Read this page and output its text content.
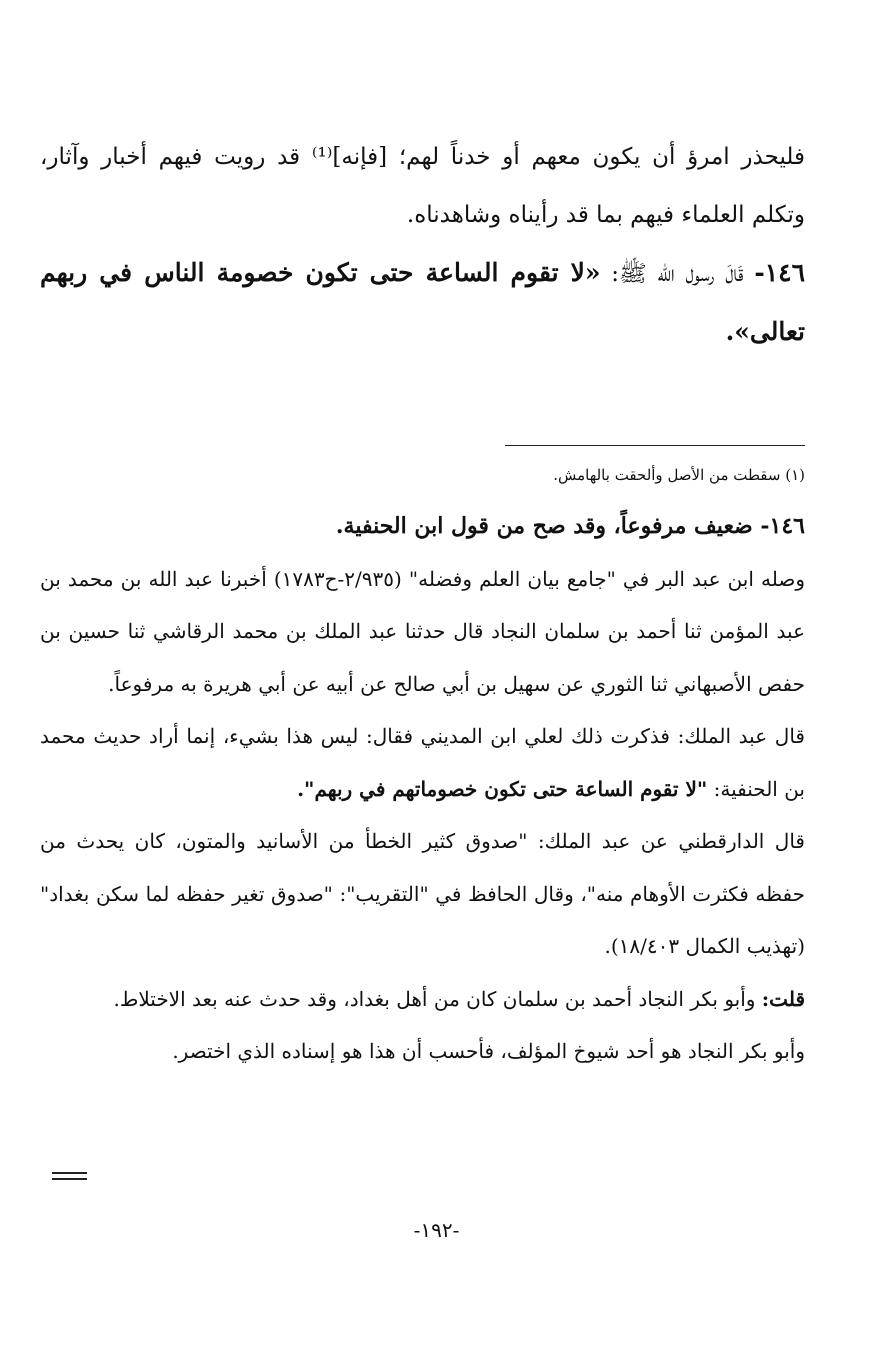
فليحذر امرؤ أن يكون معهم أو خدناً لهم؛ [فإنه]⁽¹⁾ قد رويت فيهم أخبار وآثار، وتكلم العلماء فيهم بما قد رأيناه وشاهدناه.

١٤٦- قَالَ رسول الله ﷺ: «لا تقوم الساعة حتى تكون خصومة الناس في ربهم تعالى».

(١) سقطت من الأصل وألحقت بالهامش.

١٤٦- ضعيف مرفوعاً، وقد صح من قول ابن الحنفية.

وصله ابن عبد البر في "جامع بيان العلم وفضله" (٢/٩٣٥-ح١٧٨٣) أخبرنا عبد الله بن محمد بن عبد المؤمن ثنا أحمد بن سلمان النجاد قال حدثنا عبد الملك بن محمد الرقاشي ثنا حسين بن حفص الأصبهاني ثنا الثوري عن سهيل بن أبي صالح عن أبيه عن أبي هريرة به مرفوعاً.

قال عبد الملك: فذكرت ذلك لعلي ابن المديني فقال: ليس هذا بشيء، إنما أراد حديث محمد بن الحنفية: "لا تقوم الساعة حتى تكون خصوماتهم في ربهم".

قال الدارقطني عن عبد الملك: "صدوق كثير الخطأ من الأسانيد والمتون، كان يحدث من حفظه فكثرت الأوهام منه"، وقال الحافظ في "التقريب": "صدوق تغير حفظه لما سكن بغداد" (تهذيب الكمال ١٨/٤٠٣).

قلت: وأبو بكر النجاد أحمد بن سلمان كان من أهل بغداد، وقد حدث عنه بعد الاختلاط.

وأبو بكر النجاد هو أحد شيوخ المؤلف، فأحسب أن هذا هو إسناده الذي اختصر.

-١٩٢-
